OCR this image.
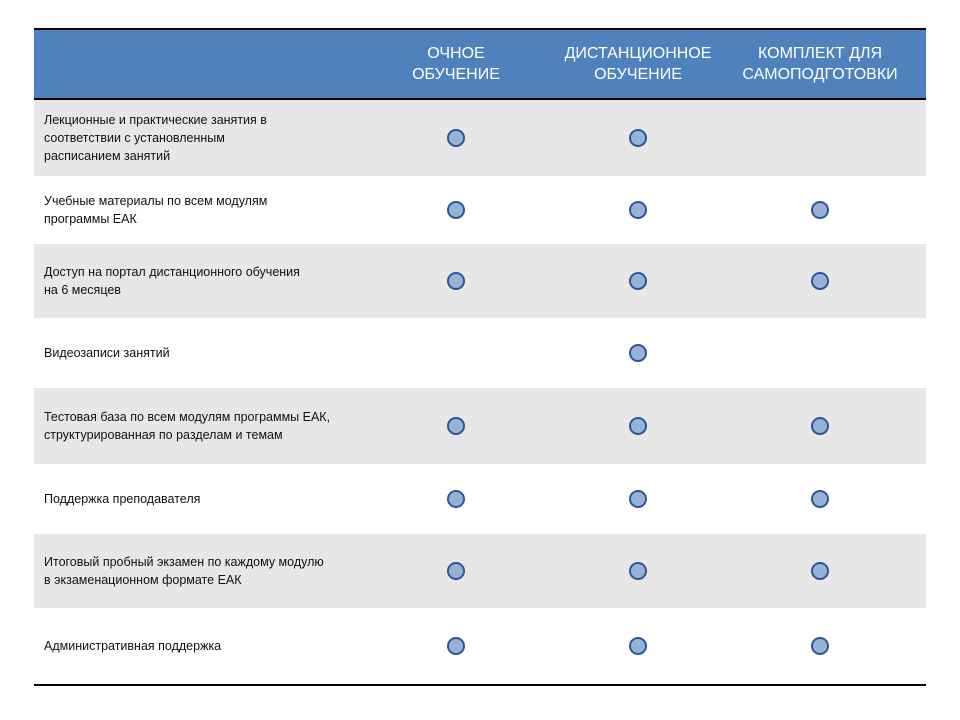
ОЧНОЕ
ОБУЧЕНИЕ
ДИСТАНЦИОННОЕ
ОБУЧЕНИЕ
КОМПЛЕКТ ДЛЯ
САМОПОДГОТОВКИ
Лекционные и практические занятия в
соответствии с установленным
расписанием занятий
Учебные материалы по всем модулям
программы ЕАК
Доступ на портал дистанционного обучения
на 6 месяцев
Видеозаписи занятий
Тестовая база по всем модулям программы ЕАК,
структурированная по разделам и темам
Поддержка преподавателя
Итоговый пробный экзамен по каждому модулю
в экзаменационном формате ЕАК
Административная поддержка
